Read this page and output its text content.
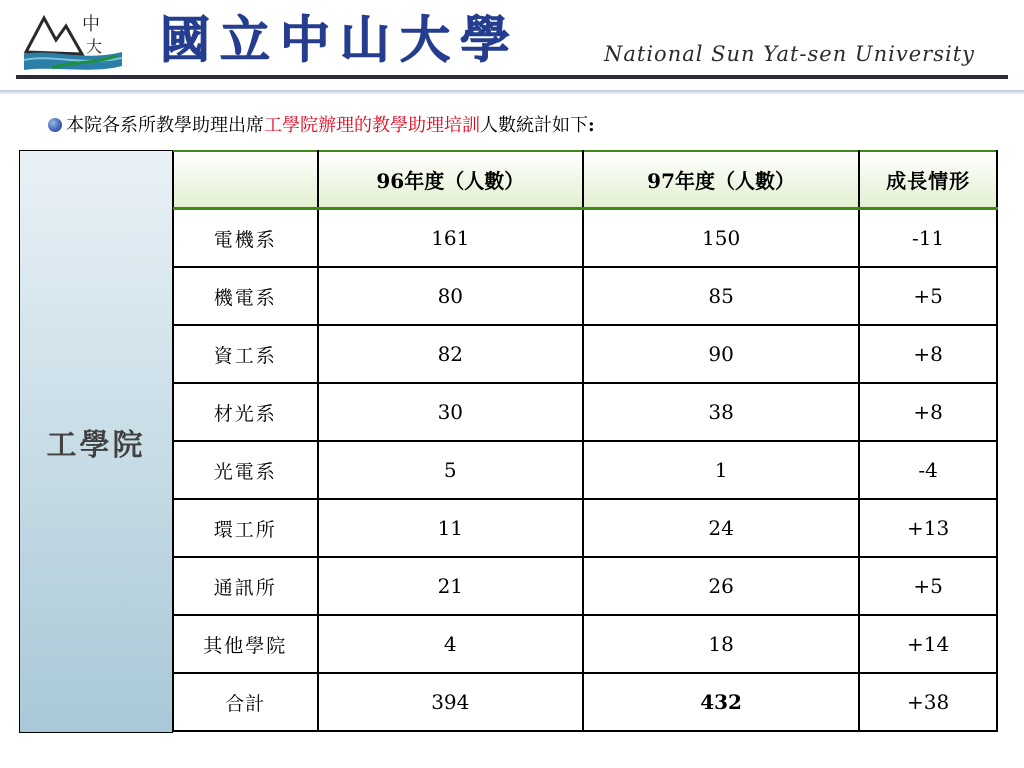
中
大 國立中山大學	National Sun Yat-sen University
本院各系所教學助理出席工學院辦理的教學助理培訓人數統計如下:
工學院
	96年度（人數）	97年度（人數）	成長情形
電機系	161	150	-11
機電系	80	85	+5
資工系	82	90	+8
材光系	30	38	+8
光電系	5	1	-4
環工所	11	24	+13
通訊所	21	26	+5
其他學院	4	18	+14
合計	394	432	+38
